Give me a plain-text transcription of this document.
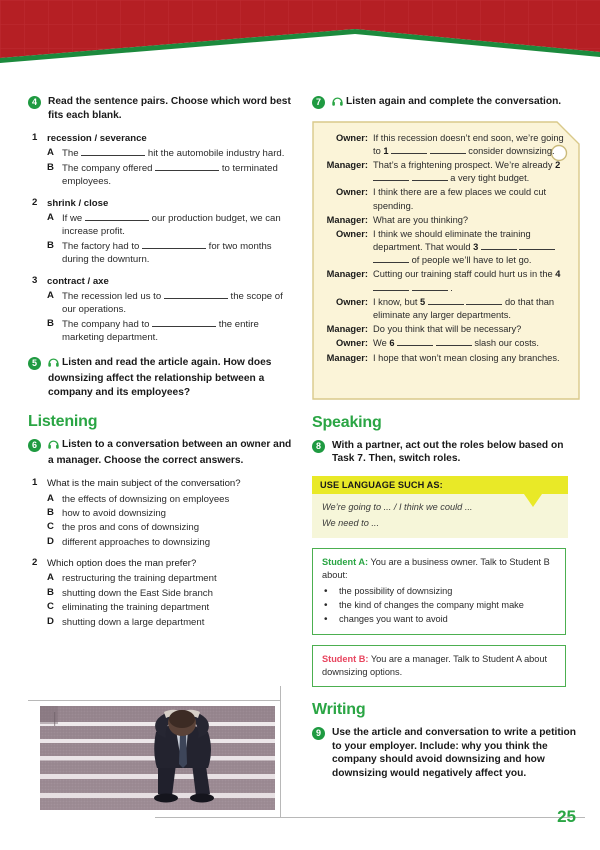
4	Read the sentence pairs. Choose which word best fits each blank.
1 recession / severance
A The	hit the automobile industry hard.
B The company offered	to terminated employees.
2 shrink / close
A If we	our production budget, we can increase profit.
B The factory had to	for two months during the downturn.
3 contract / axe
A The recession led us to	the scope of our operations.
B The company had to	the entire marketing department.
5	Listen and read the article again. How does downsizing affect the relationship between a company and its employees?
Listening
6	Listen to a conversation between an owner and a manager. Choose the correct answers.
1 What is the main subject of the conversation?
A the effects of downsizing on employees
B how to avoid downsizing
C the pros and cons of downsizing
D different approaches to downsizing
2 Which option does the man prefer?
A restructuring the training department
B shutting down the East Side branch
C eliminating the training department
D shutting down a large department
7	Listen again and complete the conversation.
Owner:	If this recession doesn’t end soon, we’re going to 1	consider downsizing.
Manager:	That’s a frightening prospect. We’re already 2   a very tight budget.
Owner:	I think there are a few places we could cut spending.
Manager:	What are you thinking?
Owner:	I think we should eliminate the training department. That would 3    of people we’ll have to let go.
Manager:	Cutting our training staff could hurt us in the 4   .
Owner:	I know, but 5	do that than eliminate any larger departments.
Manager:	Do you think that will be necessary?
Owner:	We 6	slash our costs.
Manager:	I hope that won’t mean closing any branches.
Speaking
8	With a partner, act out the roles below based on Task 7. Then, switch roles.
USE LANGUAGE SUCH AS:

We’re going to ... / I think we could ...

We need to ...

Student A: You are a business owner. Talk to Student B about:

• the possibility of downsizing
• the kind of changes the company might make
• changes you want to avoid

Student B: You are a manager. Talk to Student A about downsizing options.

Writing
9	Use the article and conversation to write a petition to your employer. Include: why you think the company should avoid downsizing and how downsizing would negatively affect you.
25
